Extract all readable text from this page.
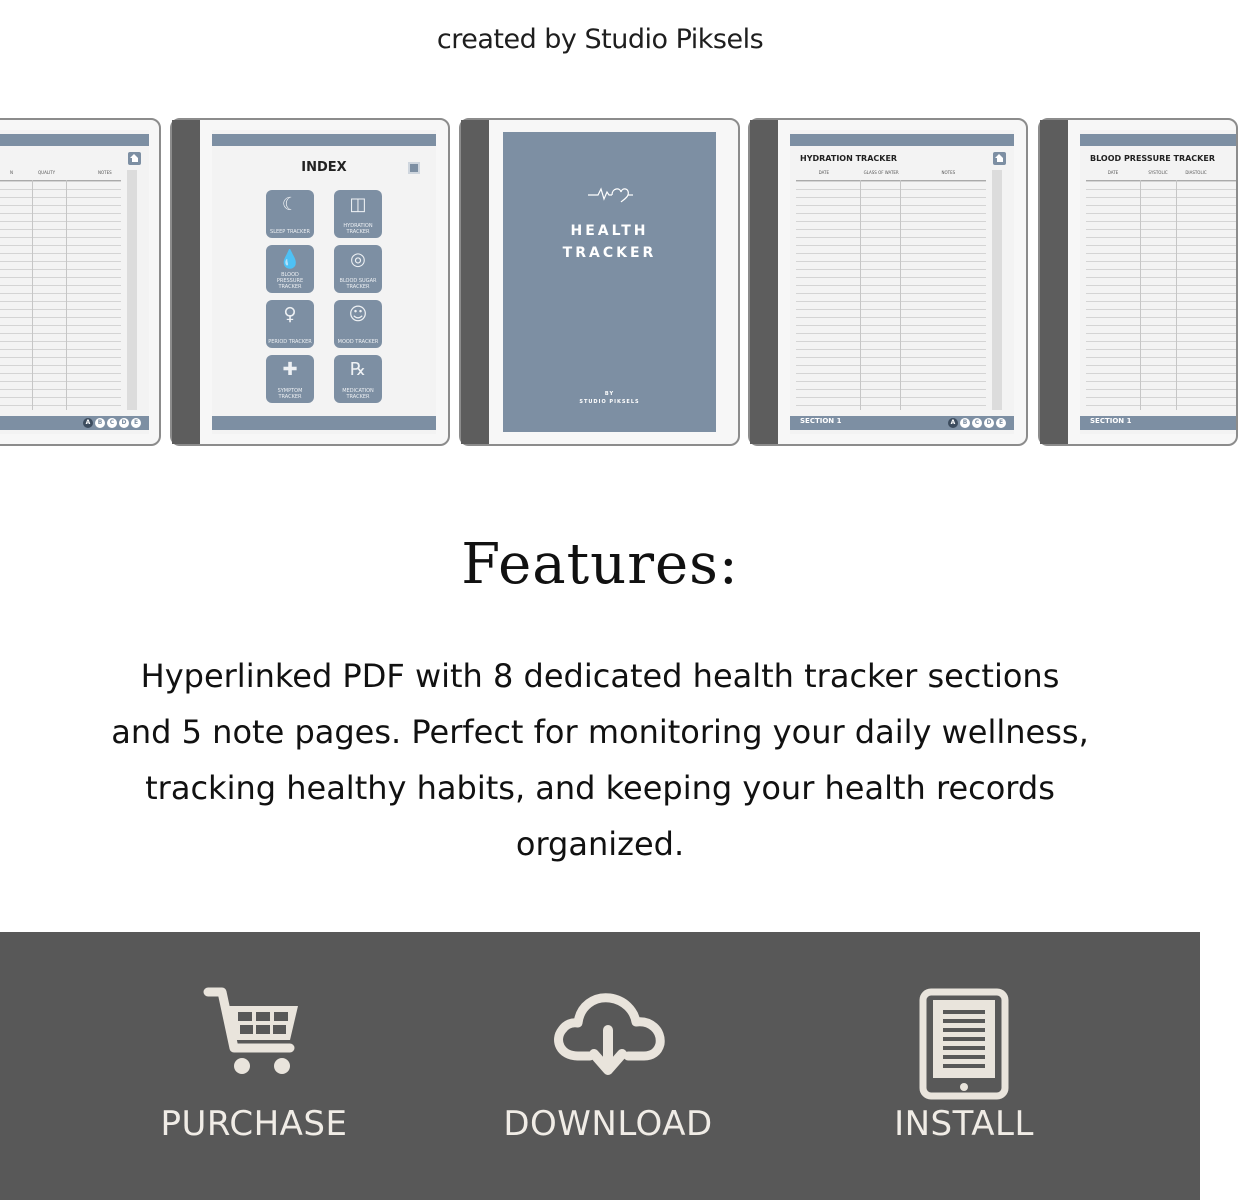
created by Studio Piksels
N	QUALITY	NOTES
A	B	C	D	E
INDEX
☾
SLEEP TRACKER
◫
HYDRATION TRACKER
💧
BLOOD PRESSURE TRACKER
◎
BLOOD SUGAR TRACKER
♀
PERIOD TRACKER
☺
MOOD TRACKER
✚
SYMPTOM TRACKER
℞
MEDICATION TRACKER
HEALTH
TRACKER
BY
STUDIO PIKSELS
HYDRATION TRACKER
DATE	GLASS OF WATER	NOTES
SECTION 1	A	B	C	D	E
BLOOD PRESSURE TRACKER
DATE	SYSTOLIC	DIASTOLIC
SECTION 1
Features:

Hyperlinked PDF with 8 dedicated health tracker sections and 5 note pages. Perfect for monitoring your daily wellness, tracking healthy habits, and keeping your health records organized.

PURCHASE	DOWNLOAD	INSTALL
